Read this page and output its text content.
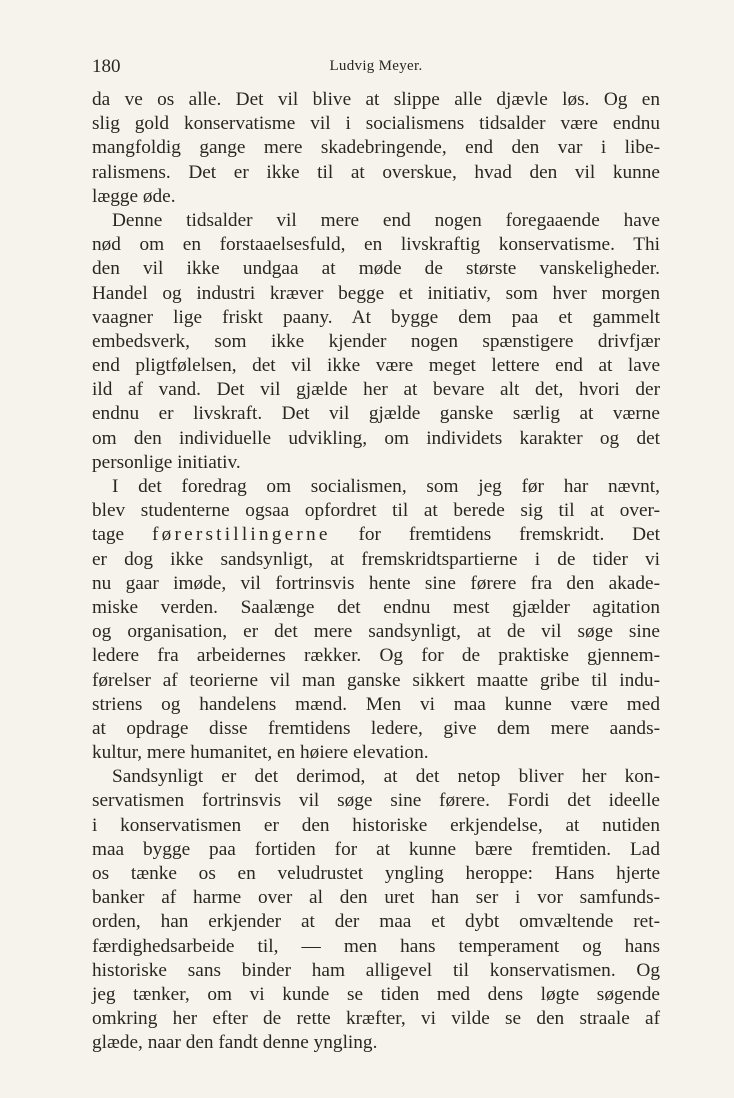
180	Ludvig Meyer.
da ve os alle. Det vil blive at slippe alle djævle løs. Og en
slig gold konservatisme vil i socialismens tidsalder være endnu
mangfoldig gange mere skadebringende, end den var i libe-
ralismens. Det er ikke til at overskue, hvad den vil kunne
lægge øde.
Denne tidsalder vil mere end nogen foregaaende have
nød om en forstaaelsesfuld, en livskraftig konservatisme. Thi
den vil ikke undgaa at møde de største vanskeligheder.
Handel og industri kræver begge et initiativ, som hver morgen
vaagner lige friskt paany. At bygge dem paa et gammelt
embedsverk, som ikke kjender nogen spænstigere drivfjær
end pligtfølelsen, det vil ikke være meget lettere end at lave
ild af vand. Det vil gjælde her at bevare alt det, hvori der
endnu er livskraft. Det vil gjælde ganske særlig at værne
om den individuelle udvikling, om individets karakter og det
personlige initiativ.
I det foredrag om socialismen, som jeg før har nævnt,
blev studenterne ogsaa opfordret til at berede sig til at over-
tage førerstillingerne for fremtidens fremskridt. Det
er dog ikke sandsynligt, at fremskridtspartierne i de tider vi
nu gaar imøde, vil fortrinsvis hente sine førere fra den akade-
miske verden. Saalænge det endnu mest gjælder agitation
og organisation, er det mere sandsynligt, at de vil søge sine
ledere fra arbeidernes rækker. Og for de praktiske gjennem-
førelser af teorierne vil man ganske sikkert maatte gribe til indu-
striens og handelens mænd. Men vi maa kunne være med
at opdrage disse fremtidens ledere, give dem mere aands-
kultur, mere humanitet, en høiere elevation.
Sandsynligt er det derimod, at det netop bliver her kon-
servatismen fortrinsvis vil søge sine førere. Fordi det ideelle
i konservatismen er den historiske erkjendelse, at nutiden
maa bygge paa fortiden for at kunne bære fremtiden. Lad
os tænke os en veludrustet yngling heroppe: Hans hjerte
banker af harme over al den uret han ser i vor samfunds-
orden, han erkjender at der maa et dybt omvæltende ret-
færdighedsarbeide til, — men hans temperament og hans
historiske sans binder ham alligevel til konservatismen. Og
jeg tænker, om vi kunde se tiden med dens løgte søgende
omkring her efter de rette kræfter, vi vilde se den straale af
glæde, naar den fandt denne yngling.
